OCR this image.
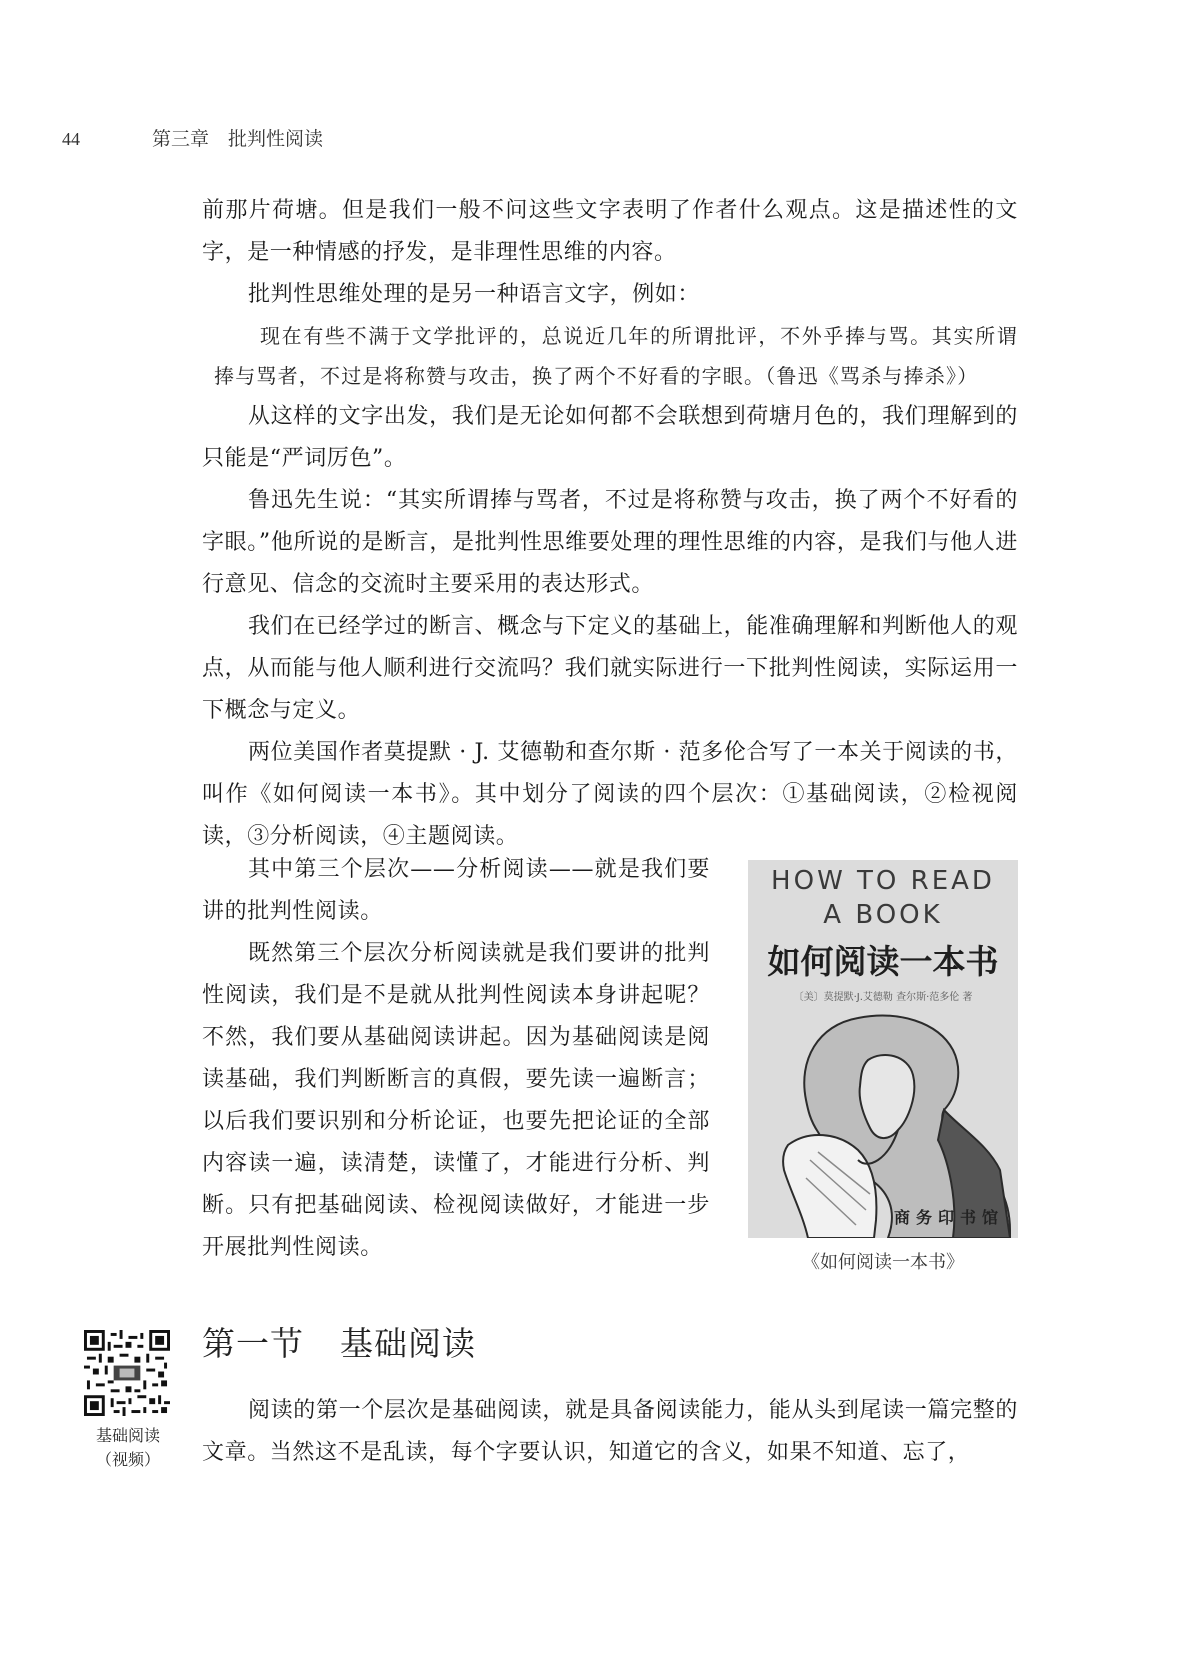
44	第三章　批判性阅读

前那片荷塘。但是我们一般不问这些文字表明了作者什么观点。这是描述性的文字，是一种情感的抒发，是非理性思维的内容。

批判性思维处理的是另一种语言文字，例如：

现在有些不满于文学批评的，总说近几年的所谓批评，不外乎捧与骂。其实所谓捧与骂者，不过是将称赞与攻击，换了两个不好看的字眼。（鲁迅《骂杀与捧杀》）

从这样的文字出发，我们是无论如何都不会联想到荷塘月色的，我们理解到的只能是“严词厉色”。

鲁迅先生说：“其实所谓捧与骂者，不过是将称赞与攻击，换了两个不好看的字眼。”他所说的是断言，是批判性思维要处理的理性思维的内容，是我们与他人进行意见、信念的交流时主要采用的表达形式。

我们在已经学过的断言、概念与下定义的基础上，能准确理解和判断他人的观点，从而能与他人顺利进行交流吗？我们就实际进行一下批判性阅读，实际运用一下概念与定义。

两位美国作者莫提默 · J. 艾德勒和查尔斯 · 范多伦合写了一本关于阅读的书，叫作《如何阅读一本书》。其中划分了阅读的四个层次：①基础阅读，②检视阅读，③分析阅读，④主题阅读。

其中第三个层次——分析阅读——就是我们要讲的批判性阅读。

既然第三个层次分析阅读就是我们要讲的批判性阅读，我们是不是就从批判性阅读本身讲起呢？不然，我们要从基础阅读讲起。因为基础阅读是阅读基础，我们判断断言的真假，要先读一遍断言；以后我们要识别和分析论证，也要先把论证的全部内容读一遍，读清楚，读懂了，才能进行分析、判断。只有把基础阅读、检视阅读做好，才能进一步开展批判性阅读。

HOW TO READ
A BOOK
如何阅读一本书
〔美〕莫提默·J.艾德勒 查尔斯·范多伦 著
商务印书馆
《如何阅读一本书》
基础阅读
（视频）
第一节 基础阅读

阅读的第一个层次是基础阅读，就是具备阅读能力，能从头到尾读一篇完整的文章。当然这不是乱读，每个字要认识，知道它的含义，如果不知道、忘了，
